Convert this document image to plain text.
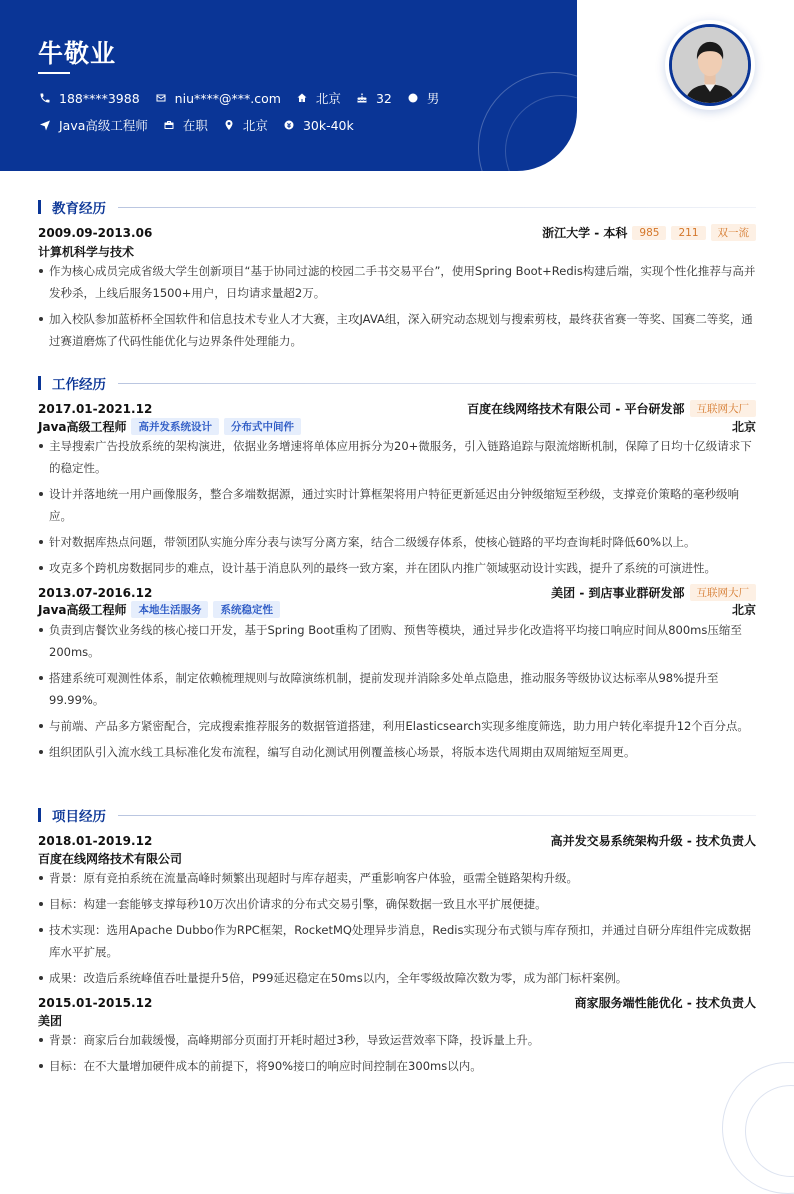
牛敬业
188****3988	niu****@***.com	北京	32	男
Java高级工程师	在职	北京	30k-40k
教育经历
2009.09-2013.06	浙江大学 - 本科	985	211	双一流
计算机科学与技术
作为核心成员完成省级大学生创新项目“基于协同过滤的校园二手书交易平台”，使用Spring Boot+Redis构建后端，实现个性化推荐与高并发秒杀，上线后服务1500+用户，日均请求量超2万。
加入校队参加蓝桥杯全国软件和信息技术专业人才大赛，主攻JAVA组，深入研究动态规划与搜索剪枝，最终获省赛一等奖、国赛二等奖，通过赛道磨炼了代码性能优化与边界条件处理能力。
工作经历
2017.01-2021.12	百度在线网络技术有限公司 - 平台研发部	互联网大厂
Java高级工程师	高并发系统设计	分布式中间件	北京
主导搜索广告投放系统的架构演进，依据业务增速将单体应用拆分为20+微服务，引入链路追踪与限流熔断机制，保障了日均十亿级请求下的稳定性。
设计并落地统一用户画像服务，整合多端数据源，通过实时计算框架将用户特征更新延迟由分钟级缩短至秒级，支撑竞价策略的毫秒级响应。
针对数据库热点问题，带领团队实施分库分表与读写分离方案，结合二级缓存体系，使核心链路的平均查询耗时降低60%以上。
攻克多个跨机房数据同步的难点，设计基于消息队列的最终一致方案，并在团队内推广领域驱动设计实践，提升了系统的可演进性。
2013.07-2016.12	美团 - 到店事业群研发部	互联网大厂
Java高级工程师	本地生活服务	系统稳定性	北京
负责到店餐饮业务线的核心接口开发，基于Spring Boot重构了团购、预售等模块，通过异步化改造将平均接口响应时间从800ms压缩至200ms。
搭建系统可观测性体系，制定依赖梳理规则与故障演练机制，提前发现并消除多处单点隐患，推动服务等级协议达标率从98%提升至99.99%。
与前端、产品多方紧密配合，完成搜索推荐服务的数据管道搭建，利用Elasticsearch实现多维度筛选，助力用户转化率提升12个百分点。
组织团队引入流水线工具标准化发布流程，编写自动化测试用例覆盖核心场景，将版本迭代周期由双周缩短至周更。
项目经历
2018.01-2019.12	高并发交易系统架构升级 - 技术负责人
百度在线网络技术有限公司
背景：原有竞拍系统在流量高峰时频繁出现超时与库存超卖，严重影响客户体验，亟需全链路架构升级。
目标：构建一套能够支撑每秒10万次出价请求的分布式交易引擎，确保数据一致且水平扩展便捷。
技术实现：选用Apache Dubbo作为RPC框架，RocketMQ处理异步消息，Redis实现分布式锁与库存预扣，并通过自研分库组件完成数据库水平扩展。
成果：改造后系统峰值吞吐量提升5倍，P99延迟稳定在50ms以内，全年零级故障次数为零，成为部门标杆案例。
2015.01-2015.12	商家服务端性能优化 - 技术负责人
美团
背景：商家后台加载缓慢，高峰期部分页面打开耗时超过3秒，导致运营效率下降，投诉量上升。
目标：在不大量增加硬件成本的前提下，将90%接口的响应时间控制在300ms以内。
